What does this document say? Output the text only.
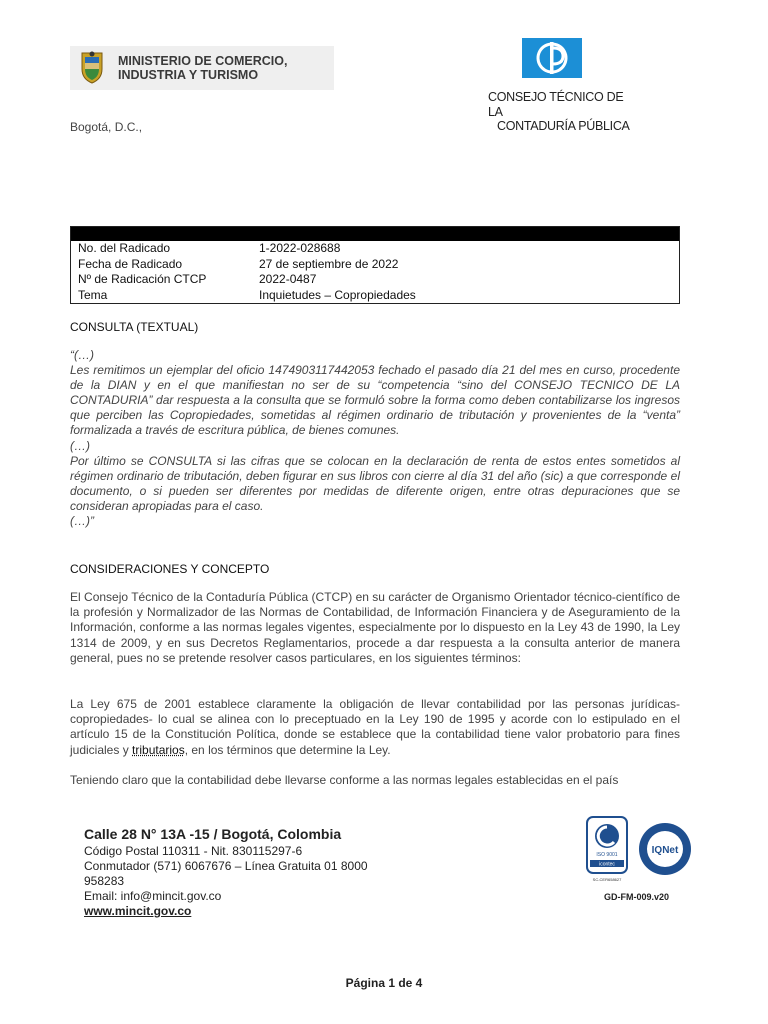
MINISTERIO DE COMERCIO,
INDUSTRIA Y TURISMO
CONSEJO TÉCNICO DE LA
CONTADURÍA PÚBLICA
Bogotá, D.C.,
No. del Radicado	1-2022-028688
Fecha de Radicado	27 de septiembre de 2022
Nº de Radicación CTCP	2022-0487
Tema	Inquietudes – Copropiedades
CONSULTA (TEXTUAL)

“(…)

Les remitimos un ejemplar del oficio 1474903117442053 fechado el pasado día 21 del mes en curso, procedente de la DIAN y en el que manifiestan no ser de su “competencia “sino del CONSEJO TECNICO DE LA CONTADURIA” dar respuesta a la consulta que se formuló sobre la forma como deben contabilizarse los ingresos que perciben las Copropiedades, sometidas al régimen ordinario de tributación y provenientes de la “venta” formalizada a través de escritura pública, de bienes comunes.

(…)

Por último se CONSULTA si las cifras que se colocan en la declaración de renta de estos entes sometidos al régimen ordinario de tributación, deben figurar en sus libros con cierre al día 31 del año (sic) a que corresponde el documento, o si pueden ser diferentes por medidas de diferente origen, entre otras depuraciones que se consideran apropiadas para el caso.

(…)”

CONSIDERACIONES Y CONCEPTO

El Consejo Técnico de la Contaduría Pública (CTCP) en su carácter de Organismo Orientador técnico-científico de la profesión y Normalizador de las Normas de Contabilidad, de Información Financiera y de Aseguramiento de la Información, conforme a las normas legales vigentes, especialmente por lo dispuesto en la Ley 43 de 1990, la Ley 1314 de 2009, y en sus Decretos Reglamentarios, procede a dar respuesta a la consulta anterior de manera general, pues no se pretende resolver casos particulares, en los siguientes términos:

La Ley 675 de 2001 establece claramente la obligación de llevar contabilidad por las personas jurídicas-copropiedades- lo cual se alinea con lo preceptuado en la Ley 190 de 1995 y acorde con lo estipulado en el artículo 15 de la Constitución Política, donde se establece que la contabilidad tiene valor probatorio para fines judiciales y tributarios, en los términos que determine la Ley.

Teniendo claro que la contabilidad debe llevarse conforme a las normas legales establecidas en el país

Calle 28 N° 13A -15 / Bogotá, Colombia
Código Postal 110311 - Nit. 830115297-6
Conmutador (571) 6067676 – Línea Gratuita 01 8000
958283
Email: info@mincit.gov.co
www.mincit.gov.co
ISO 9001
icontec
SC-CER658627
IQNet
GD-FM-009.v20
Página 1 de 4
